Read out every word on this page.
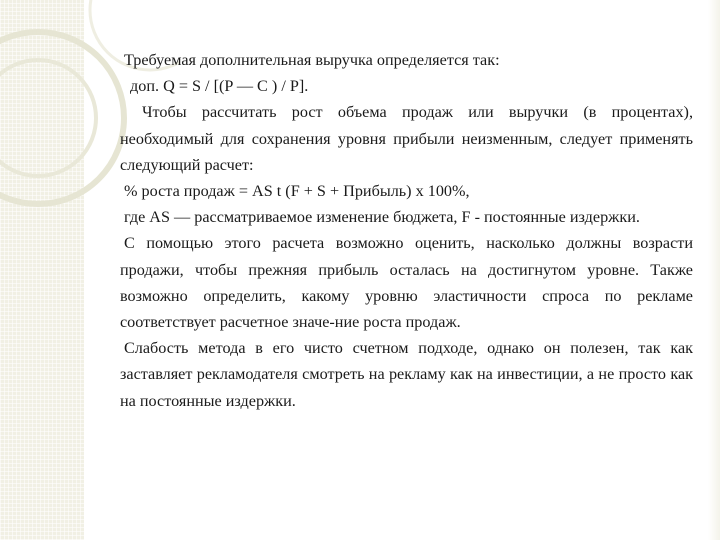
Требуемая дополнительная выручка определяется так:

доп. Q = S / [(P — C ) / P].

Чтобы рассчитать рост объема продаж или выручки (в процентах), необходимый для сохранения уровня прибыли неизменным, следует применять следующий расчет:

% роста продаж = AS t (F + S + Прибыль) х 100%,

где AS — рассматриваемое изменение бюджета, F - постоянные издержки.

С помощью этого расчета возможно оценить, насколько должны возрасти продажи, чтобы прежняя прибыль осталась на достигнутом уровне. Также возможно определить, какому уровню эластичности спроса по рекламе соответствует расчетное значе-ние роста продаж.

Слабость метода в его чисто счетном подходе, однако он полезен, так как заставляет рекламодателя смотреть на рекламу как на инвестиции, а не просто как на постоянные издержки.
